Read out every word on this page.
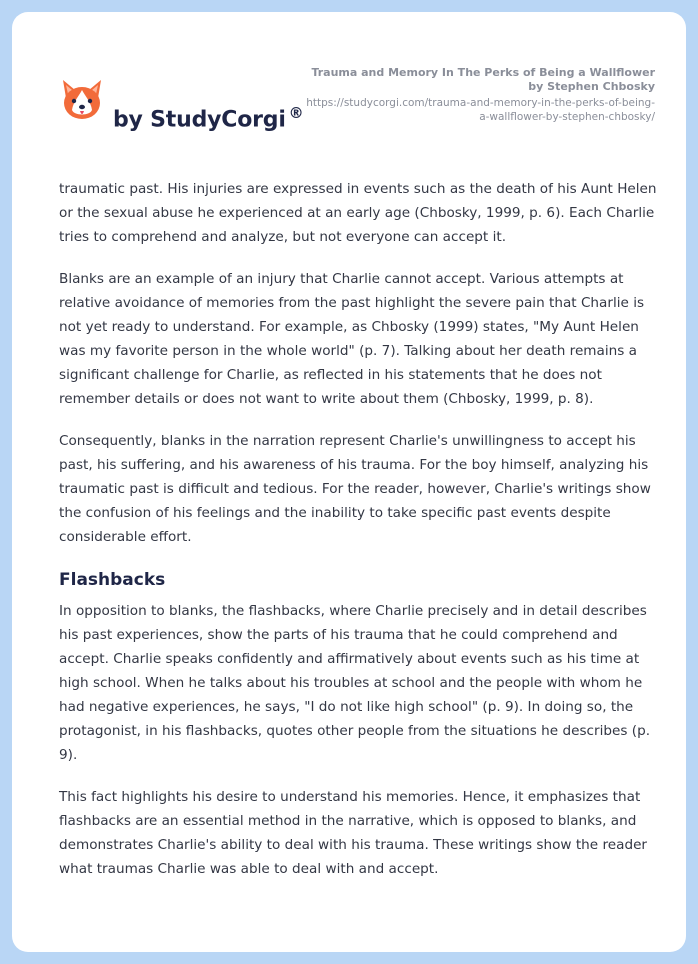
by StudyCorgi ®
Trauma and Memory In The Perks of Being a Wallflower by Stephen Chbosky
https://studycorgi.com/trauma-and-memory-in-the-perks-of-being-a-wallflower-by-stephen-chbosky/

traumatic past. His injuries are expressed in events such as the death of his Aunt Helen or the sexual abuse he experienced at an early age (Chbosky, 1999, p. 6). Each Charlie tries to comprehend and analyze, but not everyone can accept it.

Blanks are an example of an injury that Charlie cannot accept. Various attempts at relative avoidance of memories from the past highlight the severe pain that Charlie is not yet ready to understand. For example, as Chbosky (1999) states, "My Aunt Helen was my favorite person in the whole world" (p. 7). Talking about her death remains a significant challenge for Charlie, as reflected in his statements that he does not remember details or does not want to write about them (Chbosky, 1999, p. 8).

Consequently, blanks in the narration represent Charlie's unwillingness to accept his past, his suffering, and his awareness of his trauma. For the boy himself, analyzing his traumatic past is difficult and tedious. For the reader, however, Charlie's writings show the confusion of his feelings and the inability to take specific past events despite considerable effort.

Flashbacks

In opposition to blanks, the flashbacks, where Charlie precisely and in detail describes his past experiences, show the parts of his trauma that he could comprehend and accept. Charlie speaks confidently and affirmatively about events such as his time at high school. When he talks about his troubles at school and the people with whom he had negative experiences, he says, "I do not like high school" (p. 9). In doing so, the protagonist, in his flashbacks, quotes other people from the situations he describes (p. 9).

This fact highlights his desire to understand his memories. Hence, it emphasizes that flashbacks are an essential method in the narrative, which is opposed to blanks, and demonstrates Charlie's ability to deal with his trauma. These writings show the reader what traumas Charlie was able to deal with and accept.
